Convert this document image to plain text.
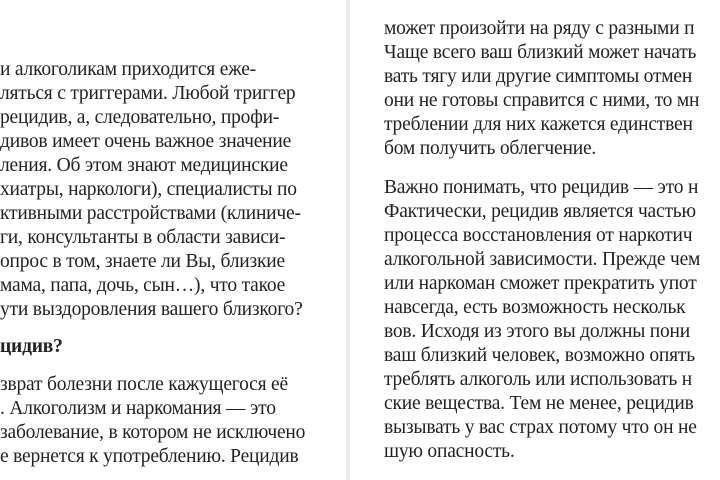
и алкоголикам приходится еже-
ляться с триггерами. Любой триггер
рецидив, а, следовательно, профи-
дивов имеет очень важное значение
ления. Об этом знают медицинские
хиатры, наркологи), специалисты по
ктивными расстройствами (клиниче-
ги, консультанты в области зависи-
опрос в том, знаете ли Вы, близкие
мама, папа, дочь, сын…), что такое
ути выздоровления вашего близкого?
цидив?
зврат болезни после кажущегося её
. Алкоголизм и наркомания — это
заболевание, в котором не исключено
е вернется к употреблению. Рецидив
может произойти на ряду с разными п
Чаще всего ваш близкий может начать
вать тягу или другие симптомы отмен
они не готовы справится с ними, то мн
треблении для них кажется единствен
бом получить облегчение.
Важно понимать, что рецидив — это н
Фактически, рецидив является частью
процесса восстановления от наркотич
алкогольной зависимости. Прежде чем
или наркоман сможет прекратить упот
навсегда, есть возможность нескольк
вов. Исходя из этого вы должны пони
ваш близкий человек, возможно опять
треблять алкоголь или использовать н
ские вещества. Тем не менее, рецидив
вызывать у вас страх потому что он не
шую опасность.
